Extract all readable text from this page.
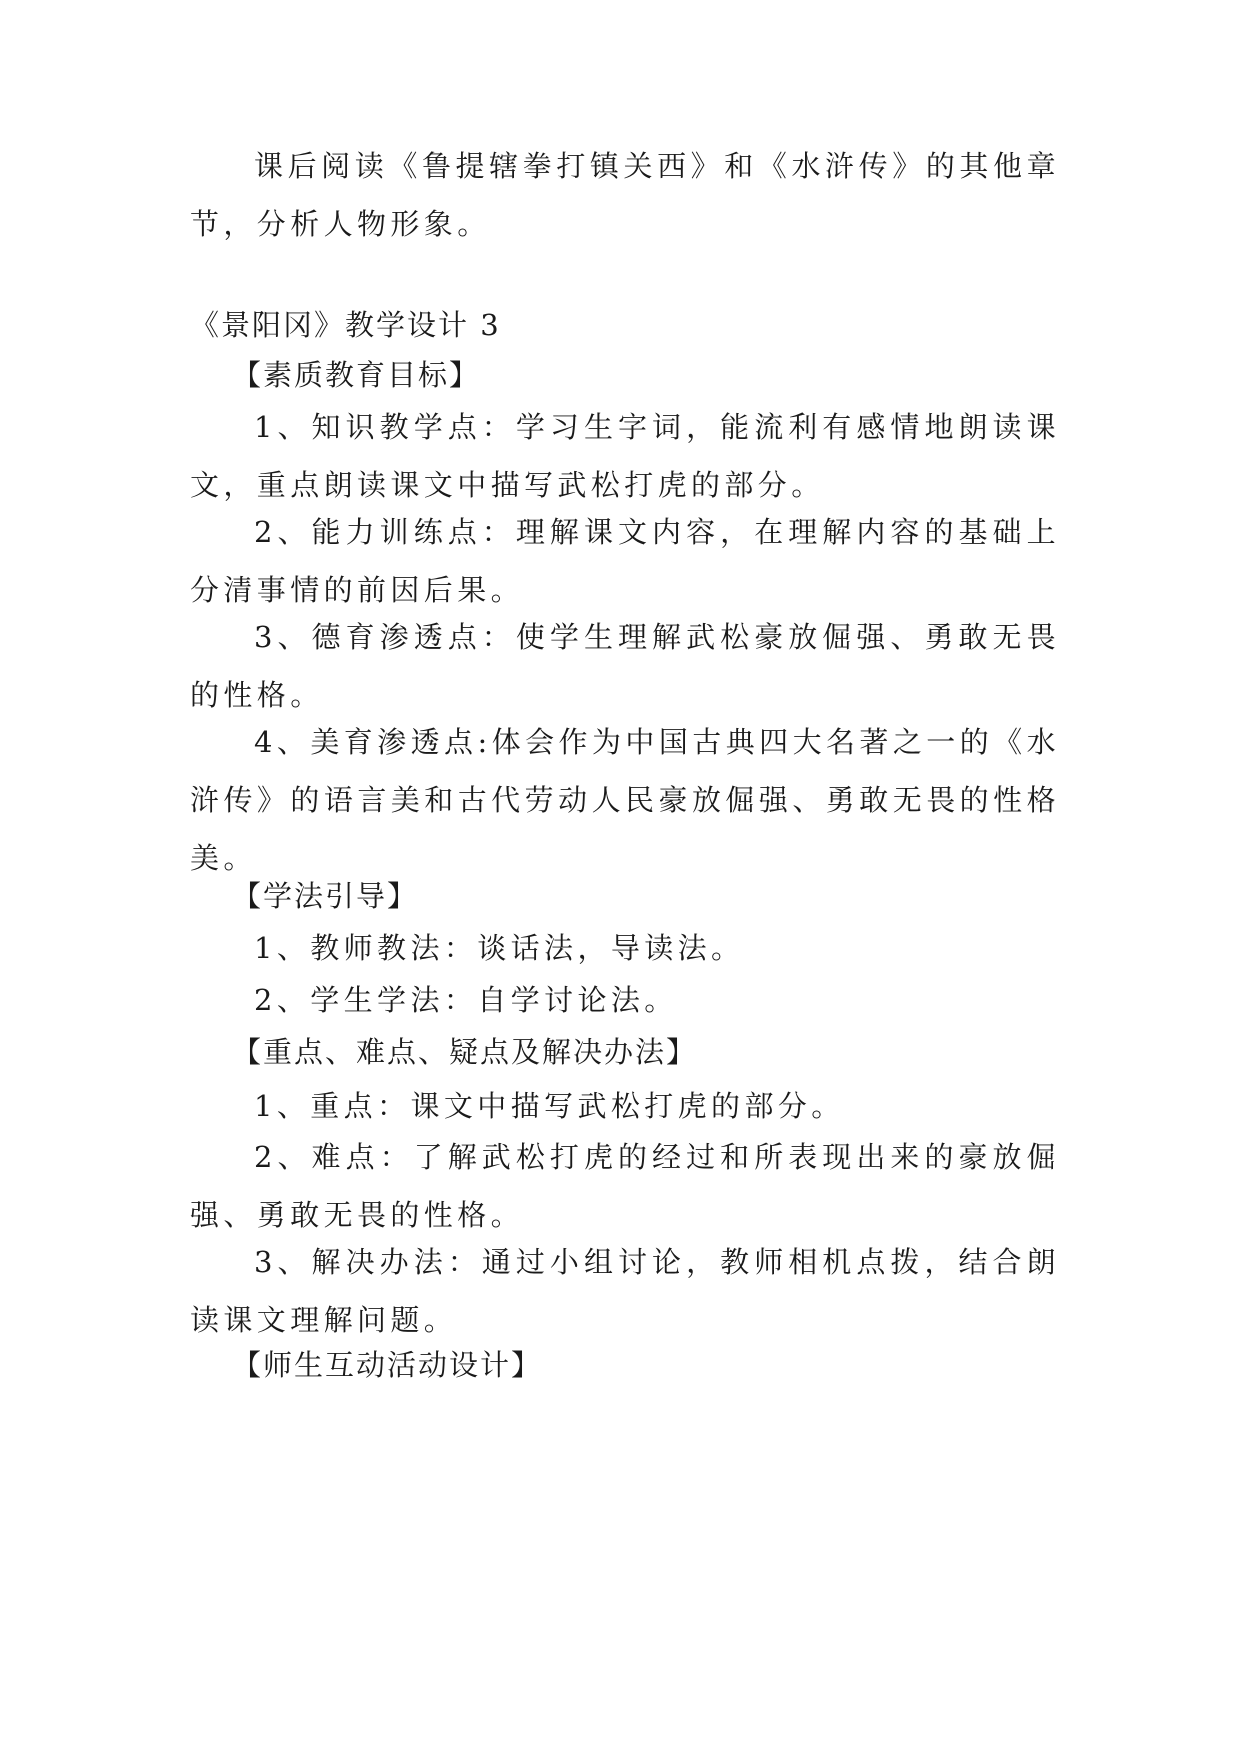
课后阅读《鲁提辖拳打镇关西》和《水浒传》的其他章节，分析人物形象。

《景阳冈》教学设计 3

【素质教育目标】

1、知识教学点：学习生字词，能流利有感情地朗读课文，重点朗读课文中描写武松打虎的部分。

2、能力训练点：理解课文内容，在理解内容的基础上分清事情的前因后果。

3、德育渗透点：使学生理解武松豪放倔强、勇敢无畏的性格。

4、美育渗透点:体会作为中国古典四大名著之一的《水浒传》的语言美和古代劳动人民豪放倔强、勇敢无畏的性格美。

【学法引导】

1、教师教法：谈话法，导读法。

2、学生学法：自学讨论法。

【重点、难点、疑点及解决办法】

1、重点：课文中描写武松打虎的部分。

2、难点：了解武松打虎的经过和所表现出来的豪放倔强、勇敢无畏的性格。

3、解决办法：通过小组讨论，教师相机点拨，结合朗读课文理解问题。

【师生互动活动设计】
